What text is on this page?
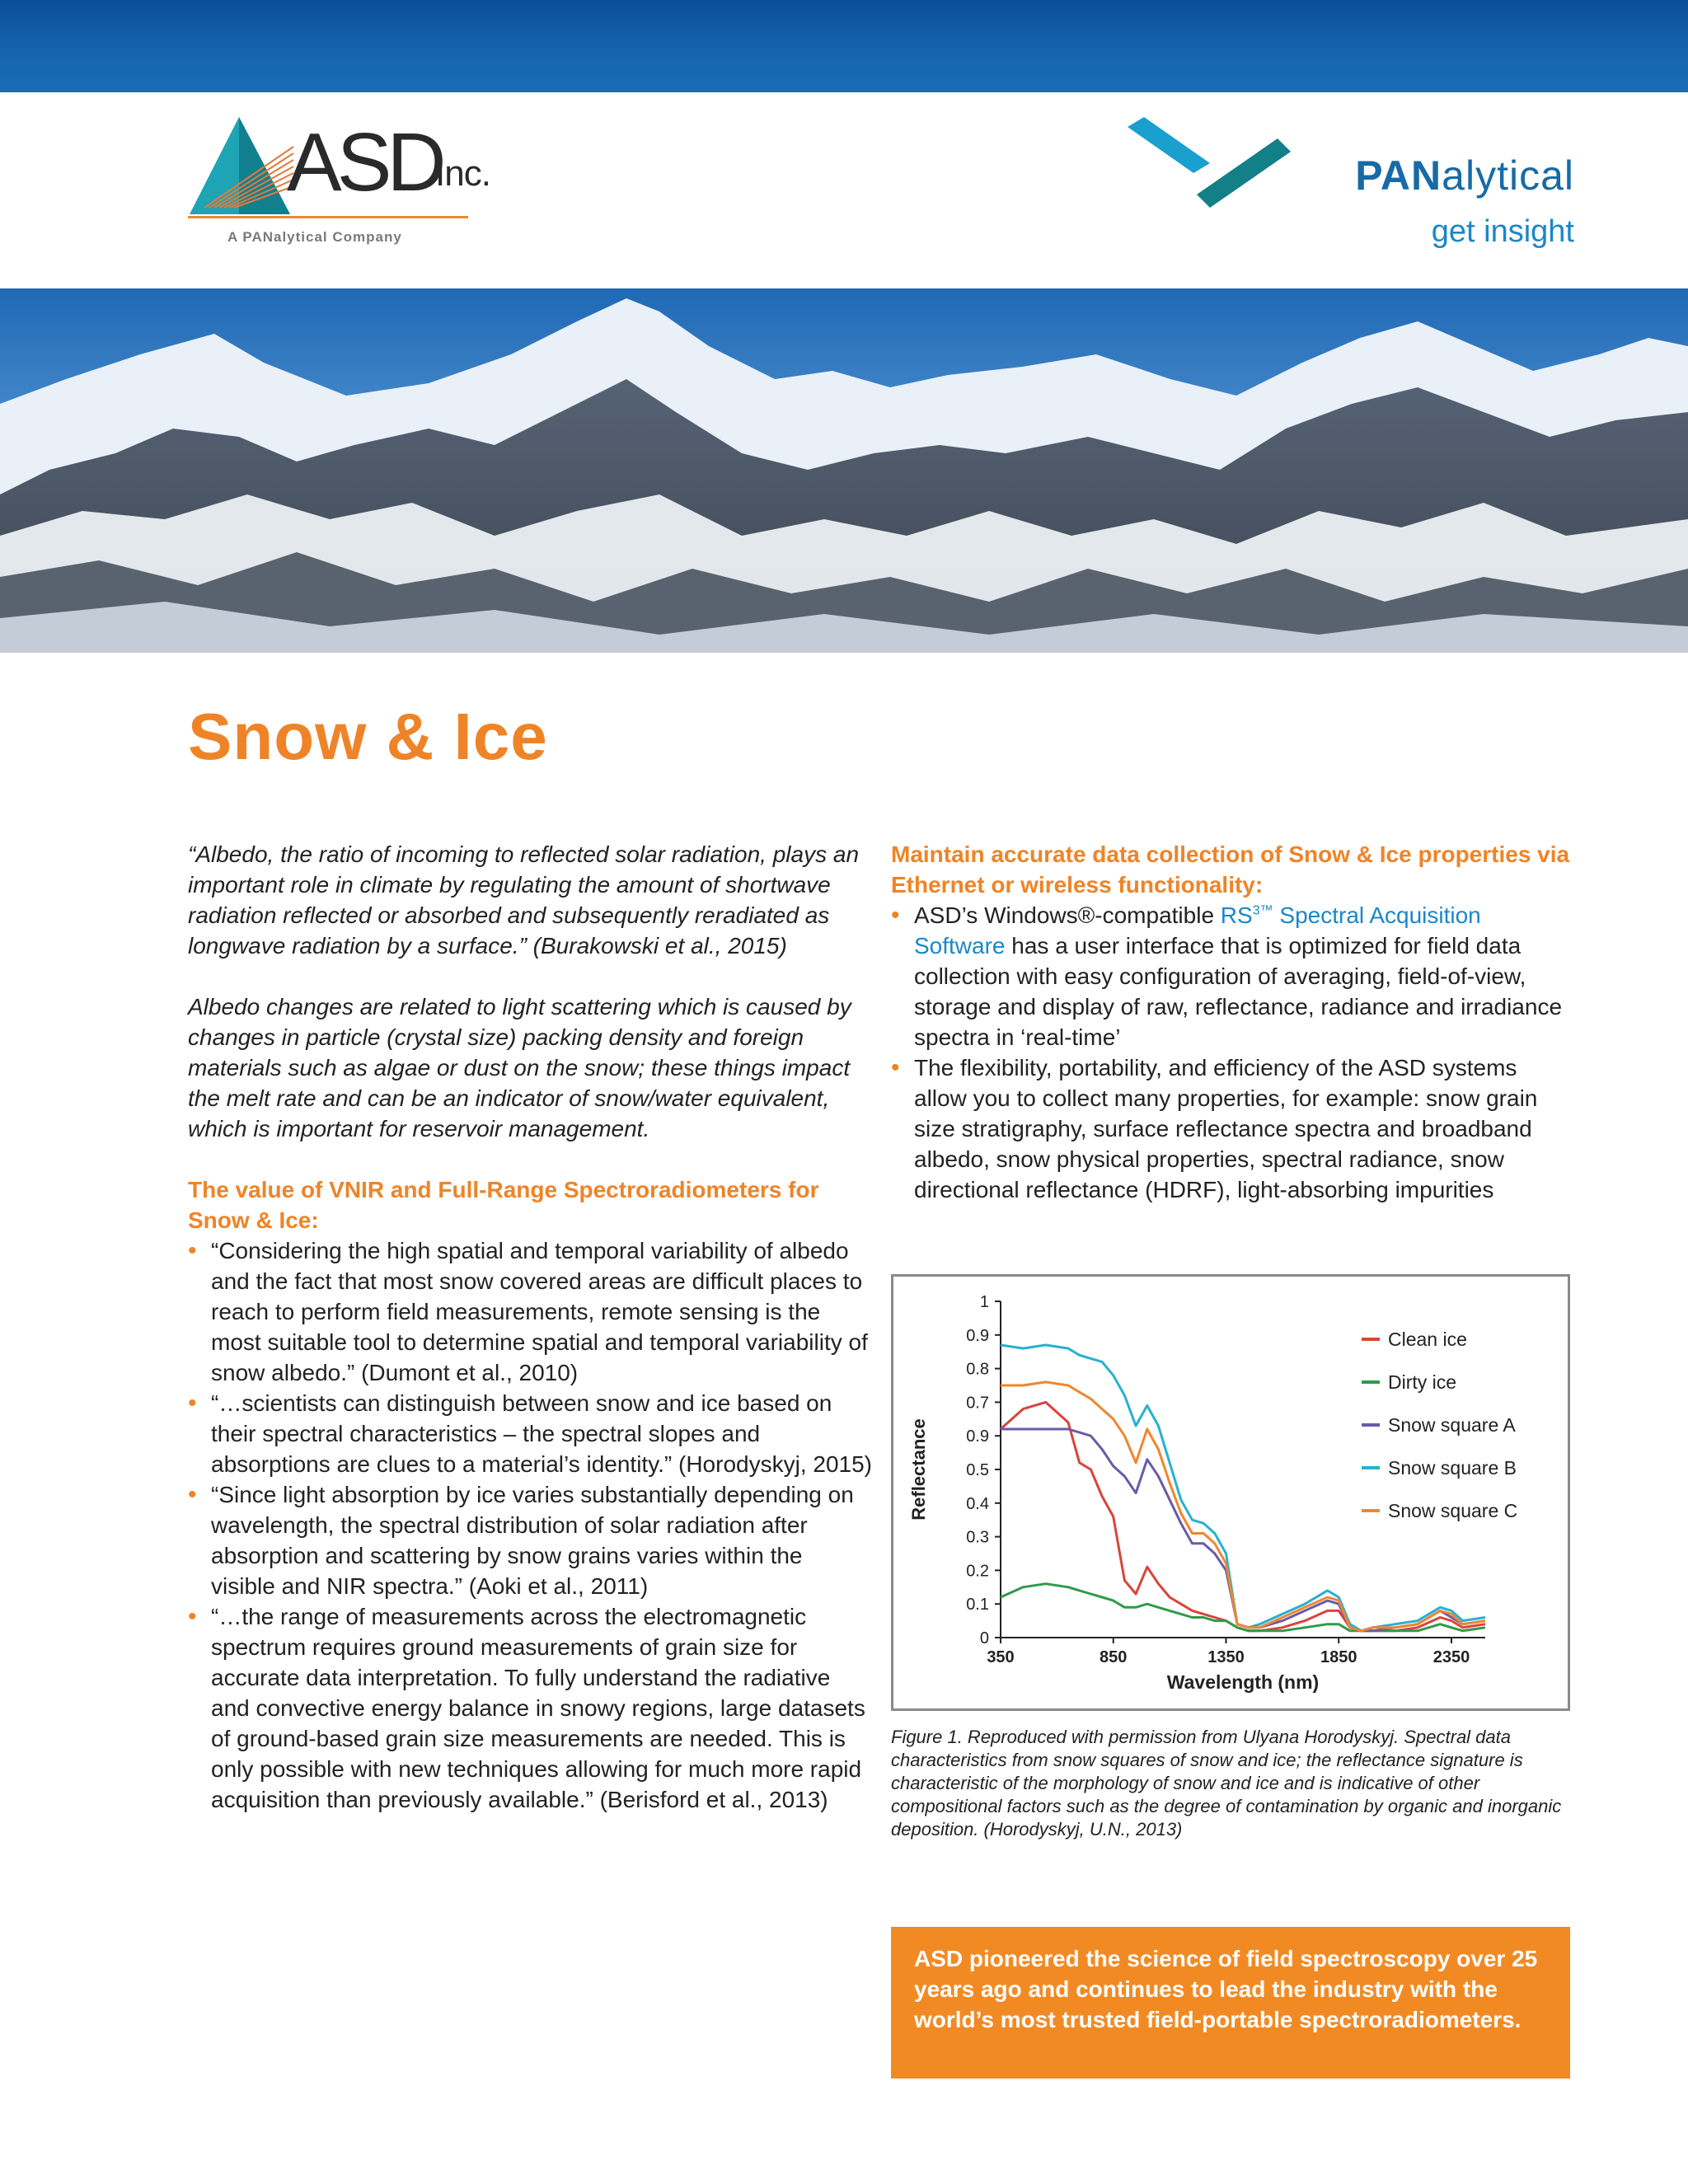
ASD
Inc.
A PANalytical Company
PANalytical
get insight
Snow & Ice

“Albedo, the ratio of incoming to reflected solar radiation, plays an important role in climate by regulating the amount of shortwave radiation reflected or absorbed and subsequently reradiated as longwave radiation by a surface.” (Burakowski et al., 2015)

Albedo changes are related to light scattering which is caused by changes in particle (crystal size) packing density and foreign materials such as algae or dust on the snow; these things impact the melt rate and can be an indicator of snow/water equivalent, which is important for reservoir management.

The value of VNIR and Full-Range Spectroradiometers for Snow & Ice:

• “Considering the high spatial and temporal variability of albedo and the fact that most snow covered areas are difficult places to reach to perform field measurements, remote sensing is the most suitable tool to determine spatial and temporal variability of snow albedo.” (Dumont et al., 2010)
• “…scientists can distinguish between snow and ice based on their spectral characteristics – the spectral slopes and absorptions are clues to a material’s identity.” (Horodyskyj, 2015)
• “Since light absorption by ice varies substantially depending on wavelength, the spectral distribution of solar radiation after absorption and scattering by snow grains varies within the visible and NIR spectra.” (Aoki et al., 2011)
• “…the range of measurements across the electromagnetic spectrum requires ground measurements of grain size for accurate data interpretation. To fully understand the radiative and convective energy balance in snowy regions, large datasets of ground-based grain size measurements are needed. This is only possible with new techniques allowing for much more rapid acquisition than previously available.” (Berisford et al., 2013)

Maintain accurate data collection of Snow & Ice properties via Ethernet or wireless functionality:

• ASD’s Windows®-compatible $RS^{3™}$ Spectral Acquisition Software has a user interface that is optimized for field data collection with easy configuration of averaging, field-of-view, storage and display of raw, reflectance, radiance and irradiance spectra in ‘real-time’
• The flexibility, portability, and efficiency of the ASD systems allow you to collect many properties, for example: snow grain size stratigraphy, surface reflectance spectra and broadband albedo, snow physical properties, spectral radiance, snow directional reflectance (HDRF), light-absorbing impurities
0
0.1
0.2
0.3
0.4
0.5
0.9
0.7
0.8
0.9
1
350	850	1350	1850	2350
Wavelength (nm)
Reflectance
Clean ice
Dirty ice
Snow square A
Snow square B
Snow square C

Figure 1. Reproduced with permission from Ulyana Horodyskyj. Spectral data characteristics from snow squares of snow and ice; the reflectance signature is characteristic of the morphology of snow and ice and is indicative of other compositional factors such as the degree of contamination by organic and inorganic deposition. (Horodyskyj, U.N., 2013)

ASD pioneered the science of field spectroscopy over 25 years ago and continues to lead the industry with the world’s most trusted field-portable spectroradiometers.
